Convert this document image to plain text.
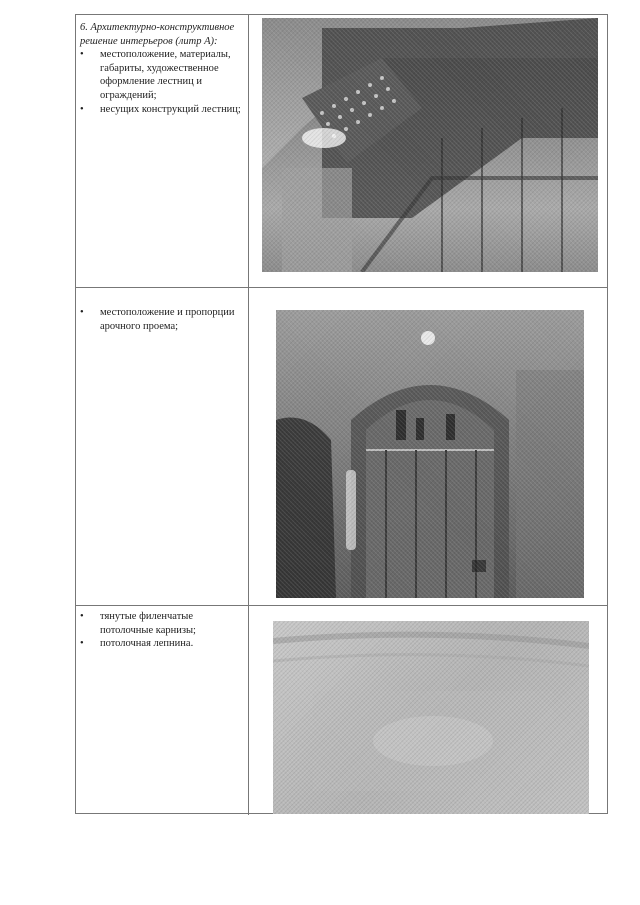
6. Архитектурно-конструктивное решение интерьеров (литр А):

• местоположение, материалы, габариты, художественное оформление лестниц и ограждений;
• несущих конструкций лестниц;
• местоположение и пропорции арочного проема;
• тянутые филенчатые потолочные карнизы;
• потолочная лепнина.
